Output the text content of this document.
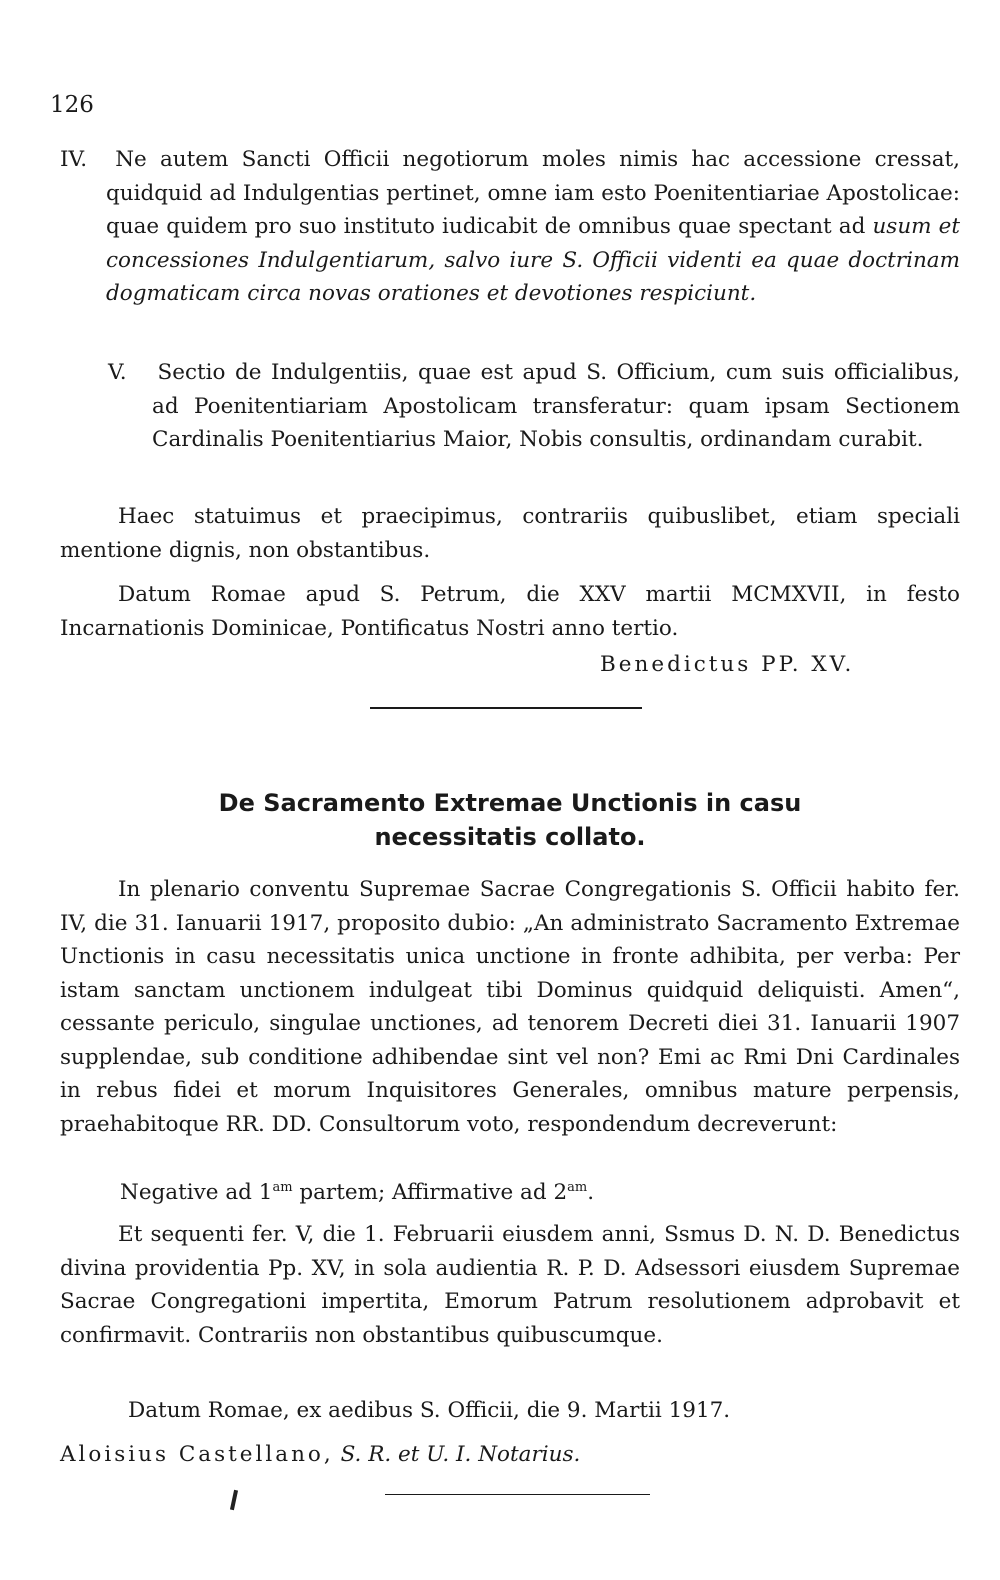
126

IV. Ne autem Sancti Officii negotiorum moles nimis hac accessione cressat, quidquid ad Indulgentias pertinet, omne iam esto Poenitentiariae Apostolicae: quae quidem pro suo instituto iudicabit de omnibus quae spectant ad usum et concessiones Indulgentiarum, salvo iure S. Officii videnti ea quae doctrinam dogmaticam circa novas orationes et devotiones respiciunt.

V. Sectio de Indulgentiis, quae est apud S. Officium, cum suis officialibus, ad Poenitentiariam Apostolicam transferatur: quam ipsam Sectionem Cardinalis Poenitentiarius Maior, Nobis consultis, ordinandam curabit.

Haec statuimus et praecipimus, contrariis quibuslibet, etiam speciali mentione dignis, non obstantibus.

Datum Romae apud S. Petrum, die XXV martii MCMXVII, in festo Incarnationis Dominicae, Pontificatus Nostri anno tertio.

Benedictus PP. XV.
De Sacramento Extremae Unctionis in casu
necessitatis collato.

In plenario conventu Supremae Sacrae Congregationis S. Officii habito fer. IV, die 31. Ianuarii 1917, proposito dubio: „An administrato Sacramento Extremae Unctionis in casu necessitatis unica unctione in fronte adhibita, per verba: Per istam sanctam unctionem indulgeat tibi Dominus quidquid deliquisti. Amen“, cessante periculo, singulae unctiones, ad tenorem Decreti diei 31. Ianuarii 1907 supplendae, sub conditione adhibendae sint vel non? Emi ac Rmi Dni Cardinales in rebus fidei et morum Inquisitores Generales, omnibus mature perpensis, praehabitoque RR. DD. Consultorum voto, respondendum decreverunt:

Negative ad $1^{am}$ partem; Affirmative ad $2^{am}$.

Et sequenti fer. V, die 1. Februarii eiusdem anni, Ssmus D. N. D. Benedictus divina providentia Pp. XV, in sola audientia R. P. D. Adsessori eiusdem Supremae Sacrae Congregationi impertita, Emorum Patrum resolutionem adprobavit et confirmavit. Contrariis non obstantibus quibuscumque.

Datum Romae, ex aedibus S. Officii, die 9. Martii 1917.
Aloisius Castellano, S. R. et U. I. Notarius.
